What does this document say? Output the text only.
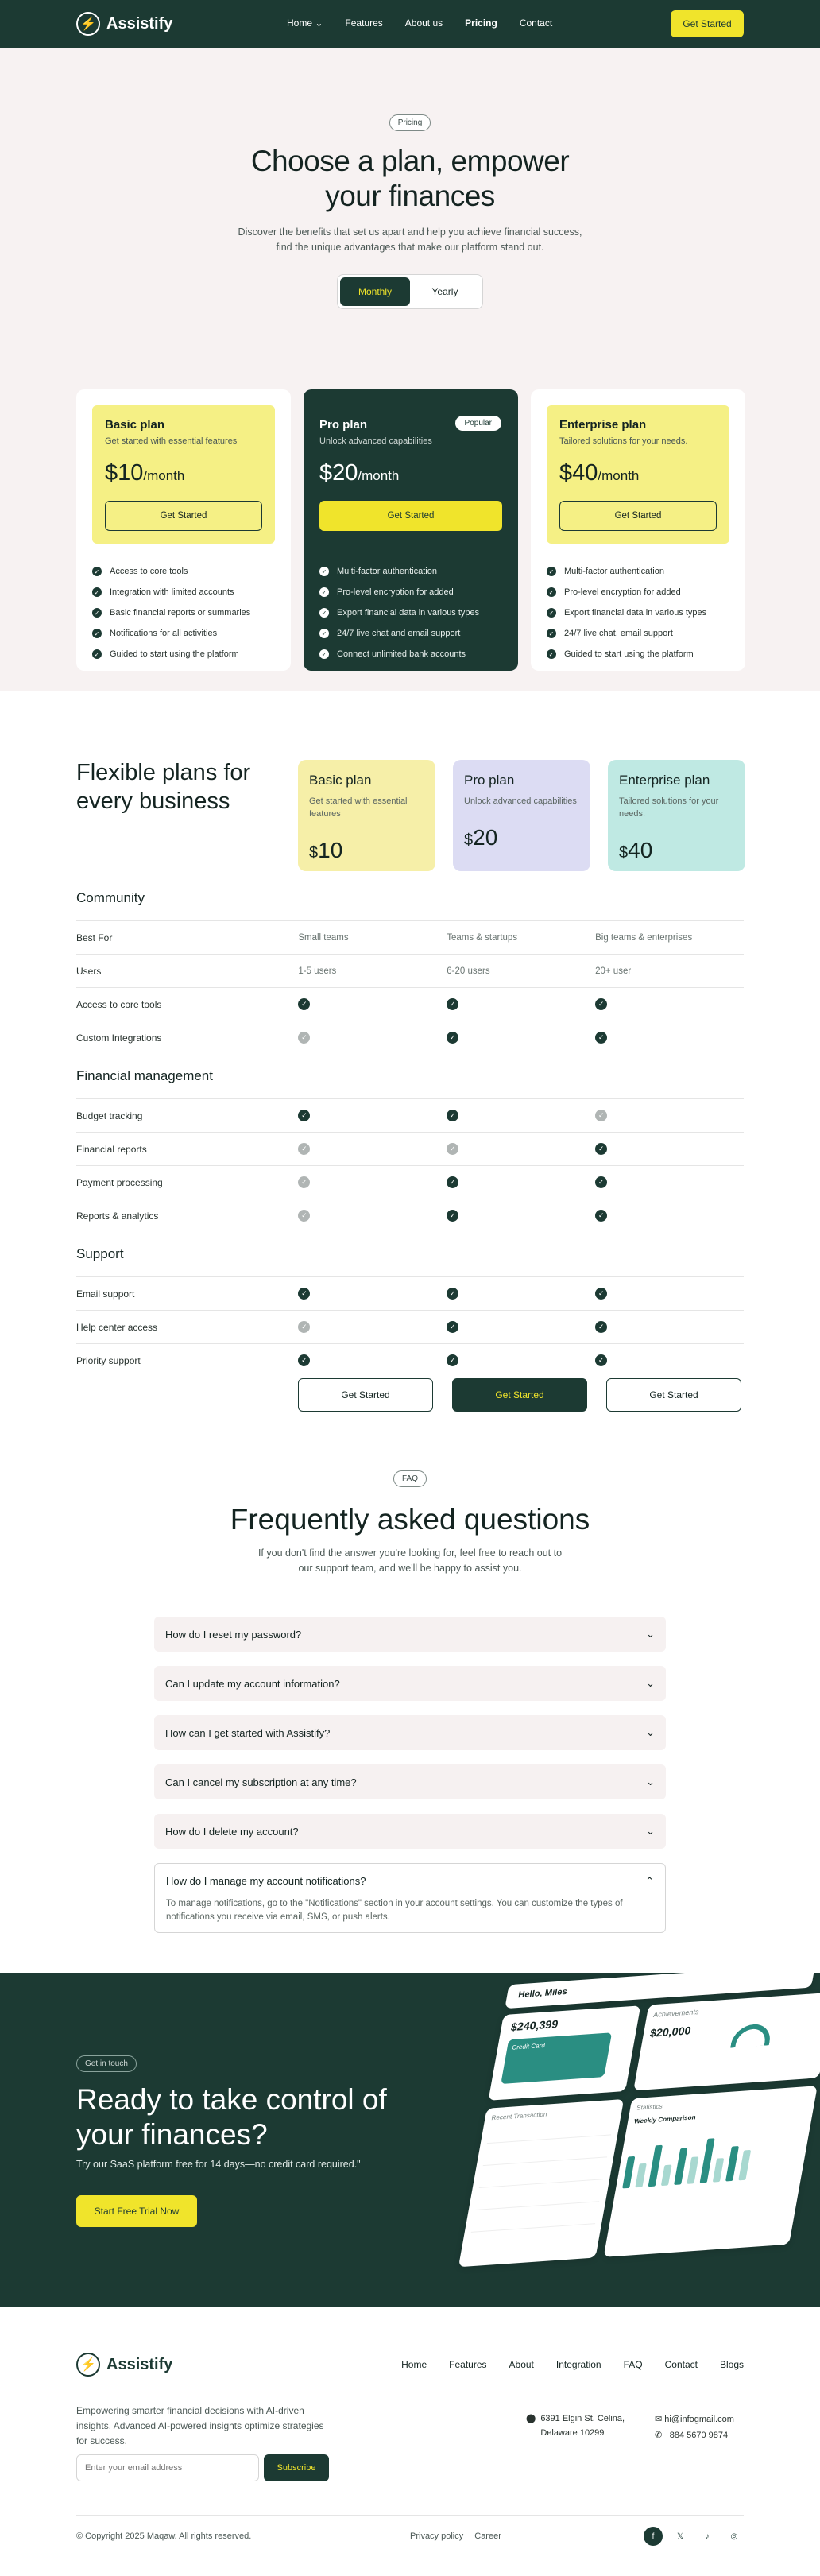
⚡ Assistify	Home ⌄ Features About us Pricing Contact	Get Started
Pricing
Choose a plan, empower
your finances

Discover the benefits that set us apart and help you achieve financial success,
find the unique advantages that make our platform stand out.

Monthly	Yearly
Basic plan
Get started with essential features
$10/month
Get Started
✓ Access to core tools
✓ Integration with limited accounts
✓ Basic financial reports or summaries
✓ Notifications for all activities
✓ Guided to start using the platform
Popular
Pro plan
Unlock advanced capabilities
$20/month
Get Started
✓ Multi-factor authentication
✓ Pro-level encryption for added
✓ Export financial data in various types
✓ 24/7 live chat and email support
✓ Connect unlimited bank accounts
Enterprise plan
Tailored solutions for your needs.
$40/month
Get Started
✓ Multi-factor authentication
✓ Pro-level encryption for added
✓ Export financial data in various types
✓ 24/7 live chat, email support
✓ Guided to start using the platform
Flexible plans for every business
Basic plan
Get started with essential features
$10
Pro plan
Unlock advanced capabilities
$20
Enterprise plan
Tailored solutions for your needs.
$40
Community
Best For	Small teams	Teams & startups	Big teams & enterprises
Users	1-5 users	6-20 users	20+ user
Access to core tools	✓	✓	✓
Custom Integrations	✓	✓	✓
Financial management
Budget tracking	✓	✓	✓
Financial reports	✓	✓	✓
Payment processing	✓	✓	✓
Reports & analytics	✓	✓	✓
Support
Email support	✓	✓	✓
Help center access	✓	✓	✓
Priority support	✓	✓	✓
Get Started	Get Started	Get Started
FAQ
Frequently asked questions

If you don't find the answer you're looking for, feel free to reach out to
our support team, and we'll be happy to assist you.

How do I reset my password?	⌄
Can I update my account information?	⌄
How can I get started with Assistify?	⌄
Can I cancel my subscription at any time?	⌄
How do I delete my account?	⌄
How do I manage my account notifications?	⌃
To manage notifications, go to the "Notifications" section in your account settings. You can customize the types of notifications you receive via email, SMS, or push alerts.
Get in touch
Ready to take control of your finances?

Try our SaaS platform free for 14 days—no credit card required."

Start Free Trial Now
Hello, Miles
$240,399
Credit Card
Achievements
$20,000
Recent Transaction
Statistics
Weekly Comparison
⚡ Assistify	Home Features About Integration FAQ Contact Blogs

Empowering smarter financial decisions with AI-driven insights. Advanced AI-powered insights optimize strategies for success.

Enter your email address
Subscribe
⬤ 6391 Elgin St. Celina,
Delaware 10299
✉ hi@infogmail.com
✆ +884 5670 9874
© Copyright 2025 Maqaw. All rights reserved.	Privacy policy Career	f	𝕏	♪	◎
